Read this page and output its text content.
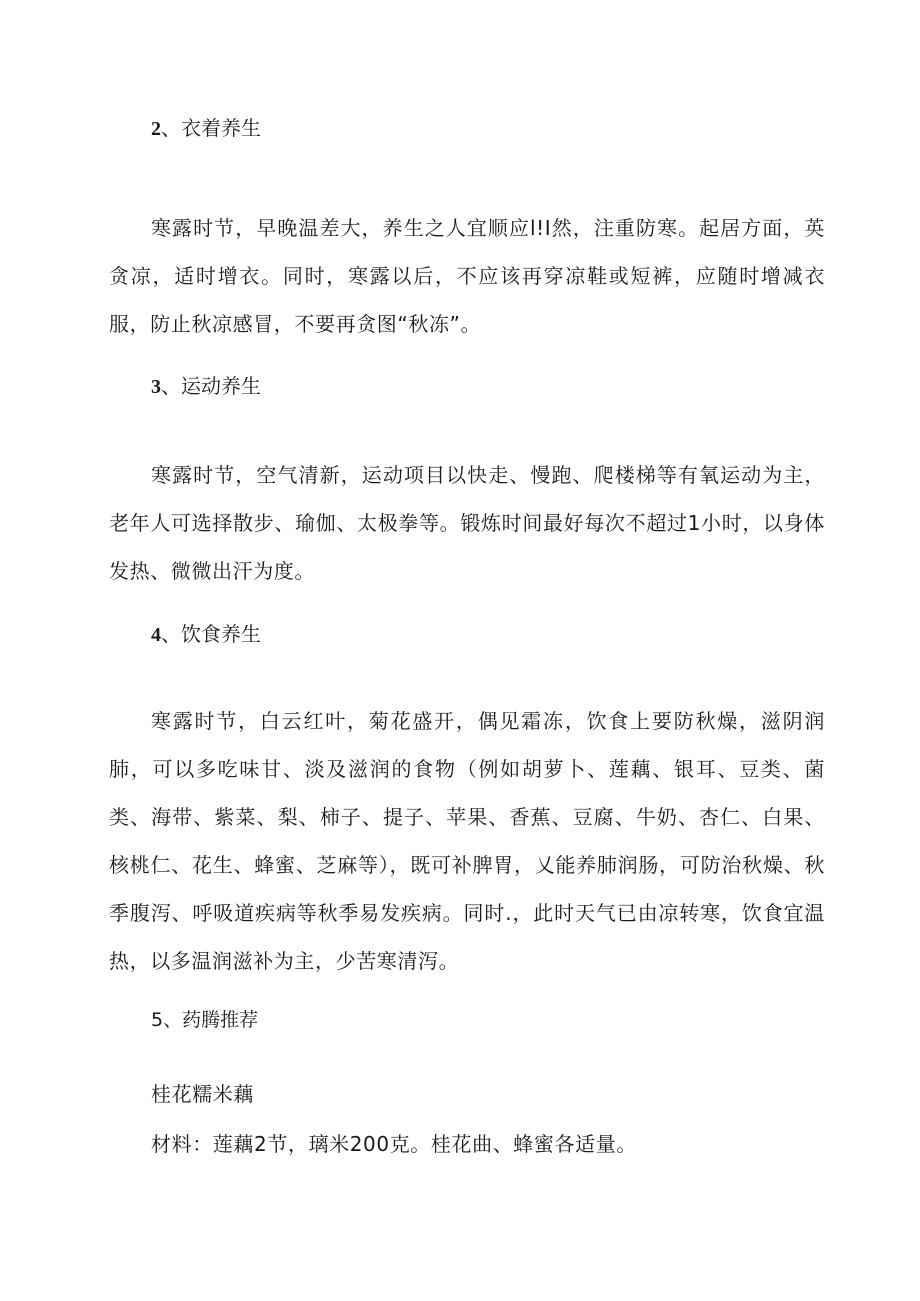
2、衣着养生
寒露时节，早晚温差大，养生之人宜顺应l!I然，注重防寒。起居方面，英贪凉，适时增衣。同时，寒露以后，不应该再穿凉鞋或短裤，应随时增减衣服，防止秋凉感冒，不要再贪图“秋冻”。
3、运动养生
寒露时节，空气清新，运动项目以快走、慢跑、爬楼梯等有氧运动为主，老年人可选择散步、瑜伽、太极拳等。锻炼时间最好每次不超过1小时，以身体发热、微微出汗为度。
4、饮食养生
寒露时节，白云红叶，菊花盛开，偶见霜冻，饮食上要防秋燥，滋阴润肺，可以多吃味甘、淡及滋润的食物（例如胡萝卜、莲藕、银耳、豆类、菌类、海带、紫菜、梨、柿子、提子、苹果、香蕉、豆腐、牛奶、杏仁、白果、核桃仁、花生、蜂蜜、芝麻等），既可补脾胃，乂能养肺润肠，可防治秋燥、秋季腹泻、呼吸道疾病等秋季易发疾病。同时.，此时天气已由凉转寒，饮食宜温热，以多温润滋补为主，少苦寒清泻。
5、药腾推荐
桂花糯米藕
材料：莲藕2节，璃米200克。桂花曲、蜂蜜各适量。
